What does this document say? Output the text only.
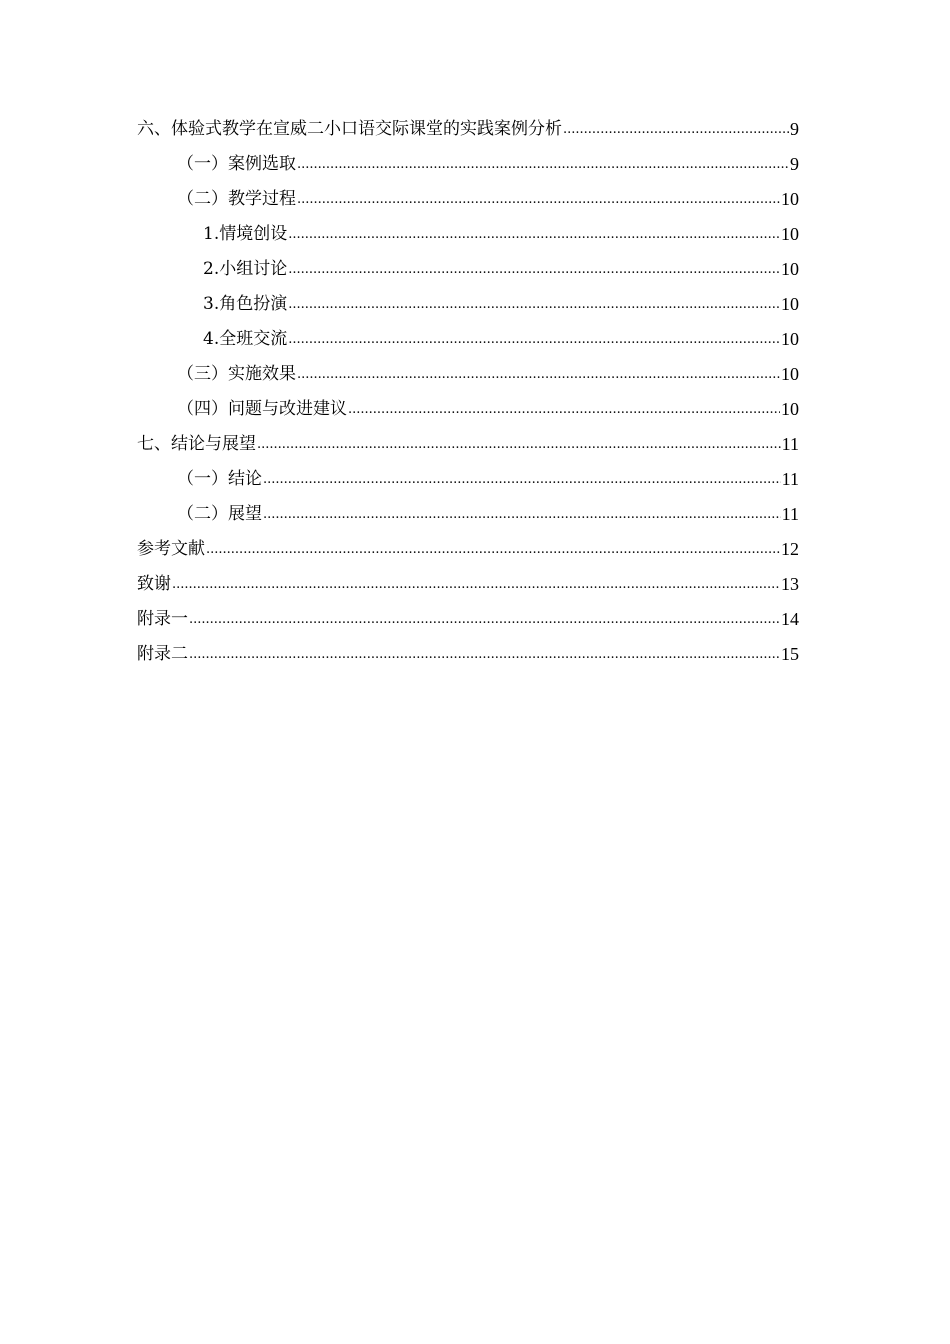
六、体验式教学在宣威二小口语交际课堂的实践案例分析 .....	9
（一）案例选取 .....	9
（二）教学过程 .....	10
1.情境创设 .....	10
2.小组讨论 .....	10
3.角色扮演 .....	10
4.全班交流 .....	10
（三）实施效果 .....	10
（四）问题与改进建议 .....	10
七、结论与展望 .....	11
（一）结论 .....	11
（二）展望 .....	11
参考文献 .....	12
致谢 .....	13
附录一 .....	14
附录二 .....	15
